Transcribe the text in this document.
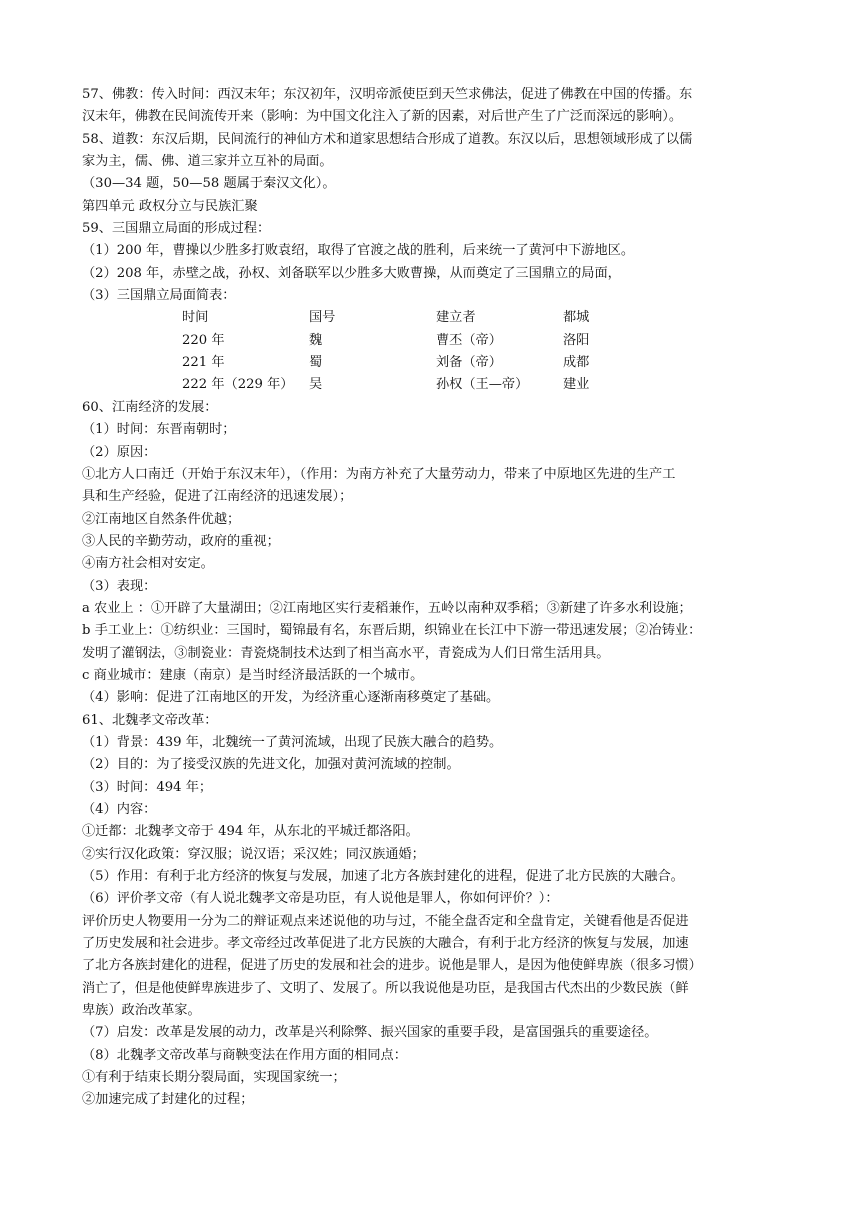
57、佛教：传入时间：西汉末年；东汉初年，汉明帝派使臣到天竺求佛法，促进了佛教在中国的传播。东
汉末年，佛教在民间流传开来（影响：为中国文化注入了新的因素，对后世产生了广泛而深远的影响）。
58、道教：东汉后期，民间流行的神仙方术和道家思想结合形成了道教。东汉以后，思想领域形成了以儒
家为主，儒、佛、道三家并立互补的局面。
（30—34 题，50—58 题属于秦汉文化）。
第四单元 政权分立与民族汇聚
59、三国鼎立局面的形成过程：
（1）200 年，曹操以少胜多打败袁绍，取得了官渡之战的胜利，后来统一了黄河中下游地区。
（2）208 年，赤壁之战，孙权、刘备联军以少胜多大败曹操，从而奠定了三国鼎立的局面，
（3）三国鼎立局面简表：
时间	国号	建立者	都城
220 年	魏	曹丕（帝）	洛阳
221 年	蜀	刘备（帝）	成都
222 年（229 年）	吴	孙权（王—帝）	建业
60、江南经济的发展：
（1）时间：东晋南朝时；
（2）原因：
①北方人口南迁（开始于东汉末年），（作用：为南方补充了大量劳动力，带来了中原地区先进的生产工
具和生产经验，促进了江南经济的迅速发展）；
②江南地区自然条件优越；
③人民的辛勤劳动，政府的重视；
④南方社会相对安定。
（3）表现：
a 农业上 ：①开辟了大量湖田；②江南地区实行麦稻兼作，五岭以南种双季稻；③新建了许多水利设施；
b 手工业上：①纺织业：三国时，蜀锦最有名，东晋后期，织锦业在长江中下游一带迅速发展；②冶铸业：
发明了灌钢法，③制瓷业：青瓷烧制技术达到了相当高水平，青瓷成为人们日常生活用具。
c 商业城市：建康（南京）是当时经济最活跃的一个城市。
（4）影响：促进了江南地区的开发，为经济重心逐渐南移奠定了基础。
61、北魏孝文帝改革：
（1）背景：439 年，北魏统一了黄河流域，出现了民族大融合的趋势。
（2）目的：为了接受汉族的先进文化，加强对黄河流域的控制。
（3）时间：494 年；
（4）内容：
①迁都：北魏孝文帝于 494 年，从东北的平城迁都洛阳。
②实行汉化政策：穿汉服；说汉语；采汉姓；同汉族通婚；
（5）作用：有利于北方经济的恢复与发展，加速了北方各族封建化的进程，促进了北方民族的大融合。
（6）评价孝文帝（有人说北魏孝文帝是功臣，有人说他是罪人，你如何评价？）：
评价历史人物要用一分为二的辩证观点来述说他的功与过，不能全盘否定和全盘肯定，关键看他是否促进
了历史发展和社会进步。孝文帝经过改革促进了北方民族的大融合，有利于北方经济的恢复与发展，加速
了北方各族封建化的进程，促进了历史的发展和社会的进步。说他是罪人，是因为他使鲜卑族（很多习惯）
消亡了，但是他使鲜卑族进步了、文明了、发展了。所以我说他是功臣，是我国古代杰出的少数民族（鲜
卑族）政治改革家。
（7）启发：改革是发展的动力，改革是兴利除弊、振兴国家的重要手段，是富国强兵的重要途径。
（8）北魏孝文帝改革与商鞅变法在作用方面的相同点：
①有利于结束长期分裂局面，实现国家统一；
②加速完成了封建化的过程；
